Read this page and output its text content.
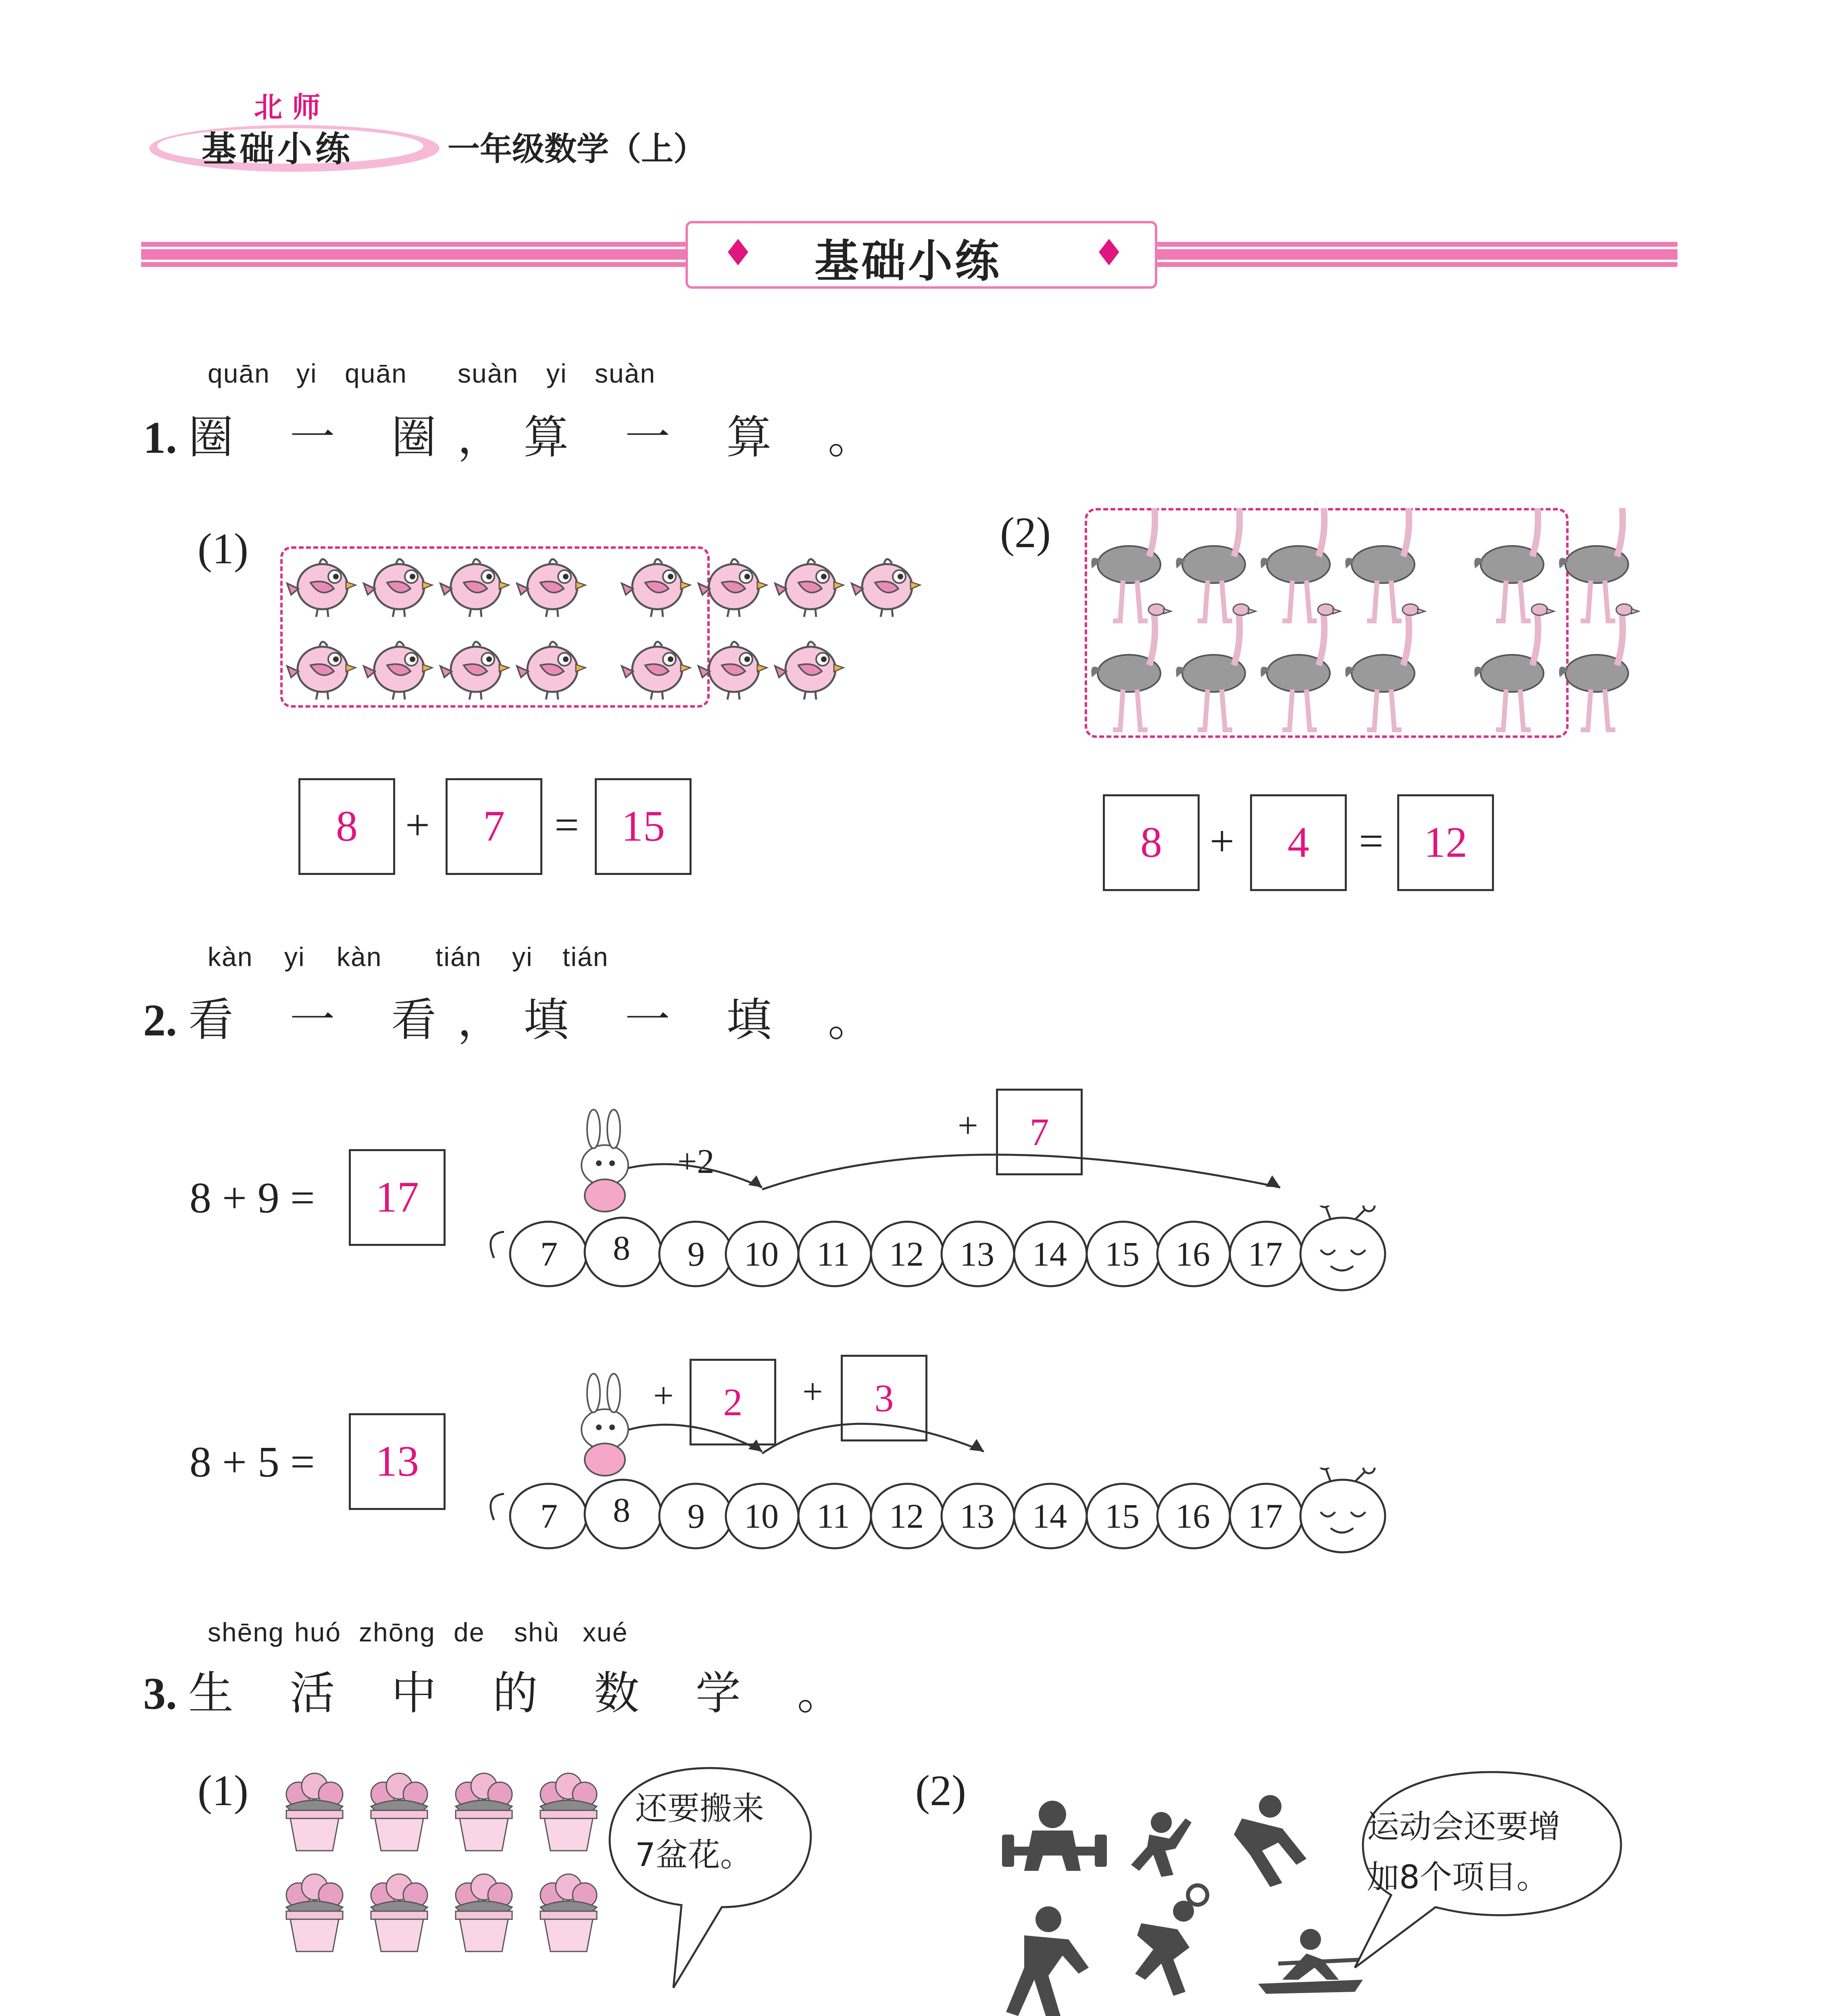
北 师
基础小练	一年级数学（上）
♦	♦
基础小练
quān yi quān suàn yi suàn
1. 圈 一 圈，算 一 算 。
(1)
8	+	7	= 15
(2)
8	+	4	= 12
kàn yi kàn tián yi tián
2. 看 一 看，填 一 填 。
8 + 9 =	17
+	7
+2
7 8 9 10 11 12 13 14 15 16 17
8 + 5 =	13
+	2	+	3
7 8 9 10 11 12 13 14 15 16 17
shēng huó zhōng de shù xué
3. 生 活 中 的 数 学 。
(1)	还要搬来
7盆花。
(2)
运动会还要增
加8个项目。
